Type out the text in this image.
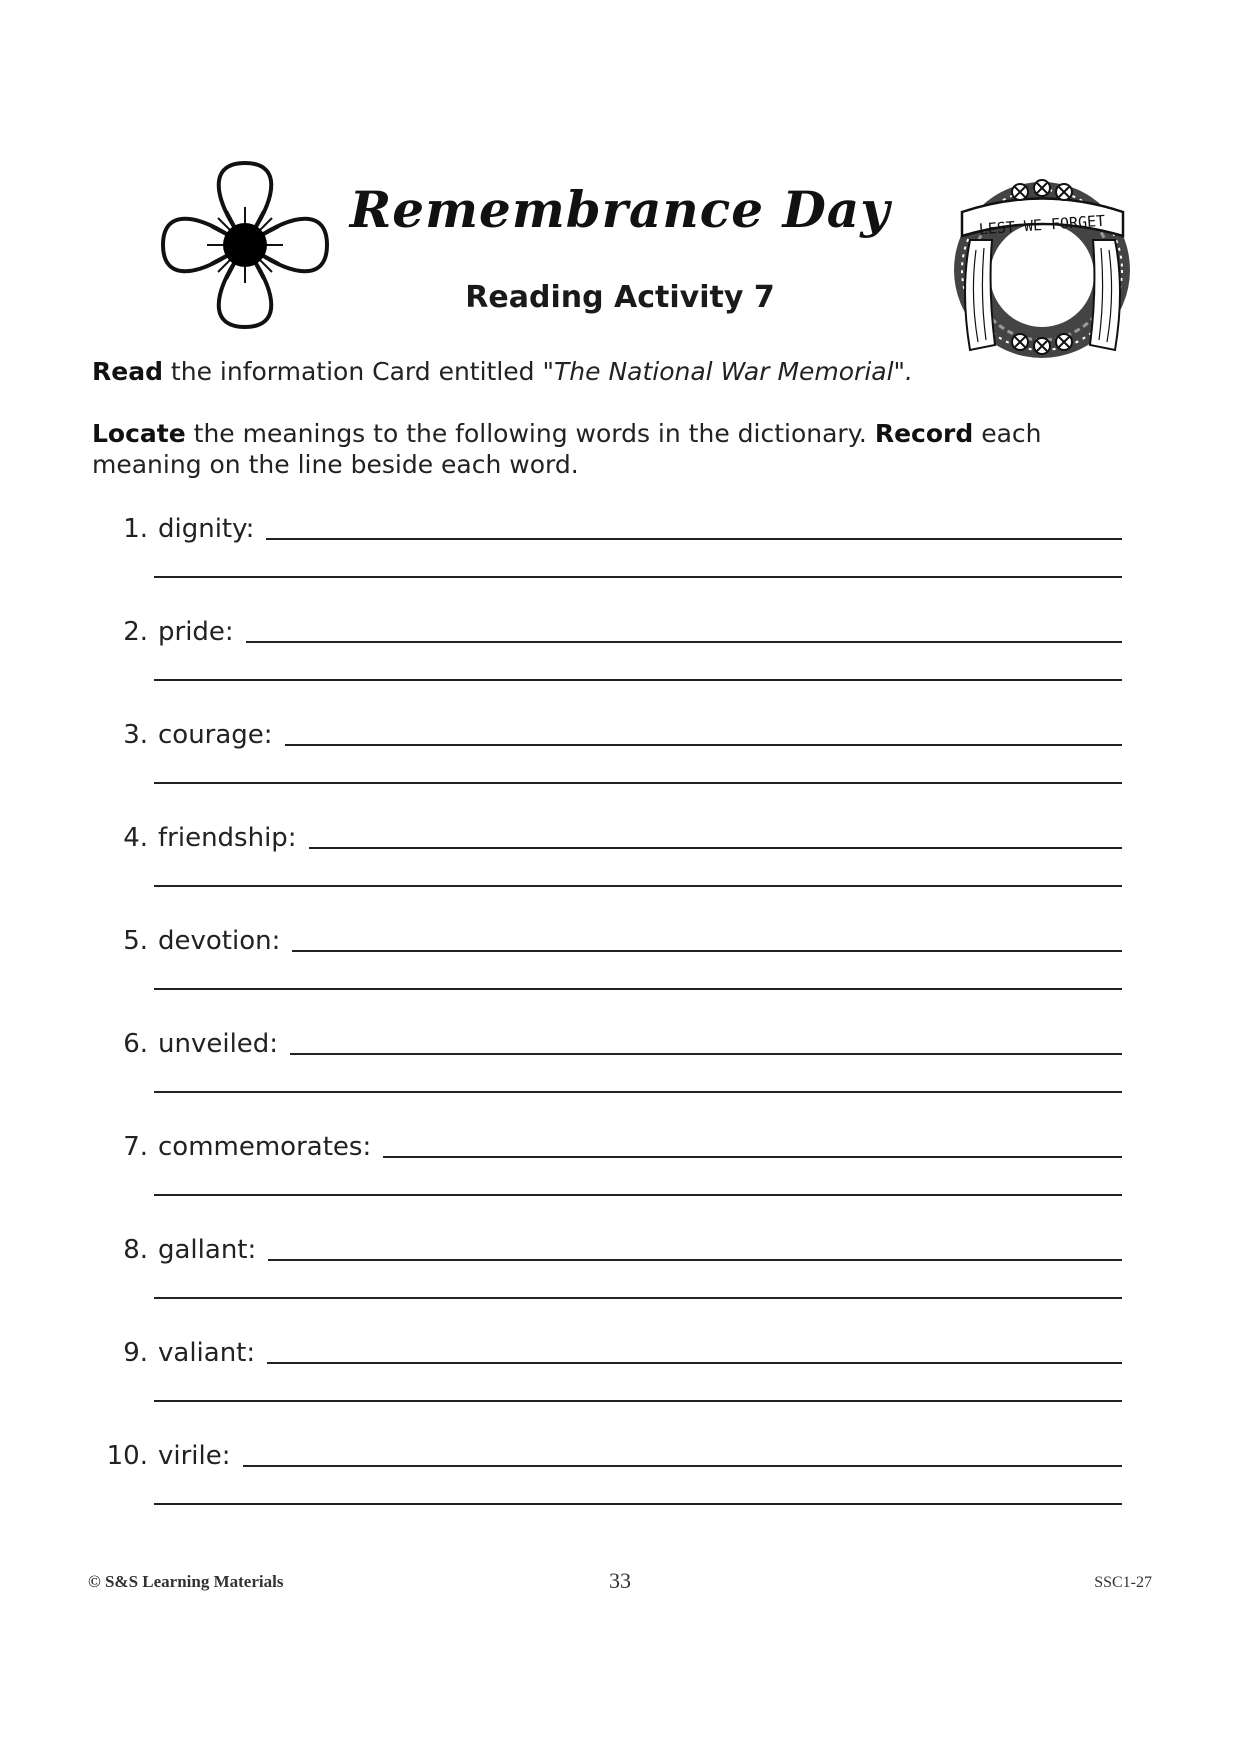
LEST WE FORGET
Remembrance Day
Reading Activity 7
Read the information Card entitled "The National War Memorial".
Locate the meanings to the following words in the dictionary. Record each meaning on the line beside each word.
1. dignity:
2. pride:
3. courage:
4. friendship:
5. devotion:
6. unveiled:
7. commemorates:
8. gallant:
9. valiant:
10. virile:
© S&S Learning Materials	33	SSC1-27
